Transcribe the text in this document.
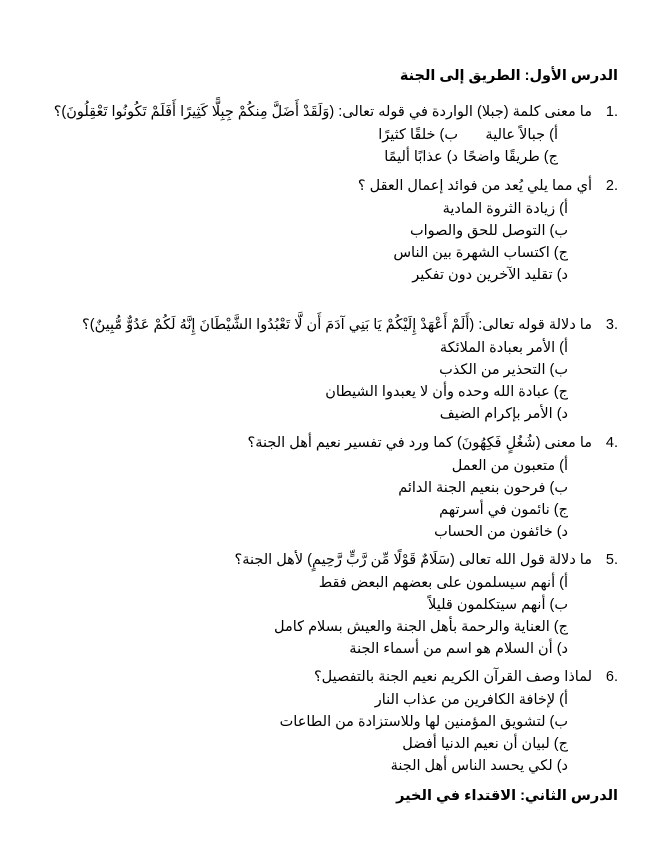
الدرس الأول: الطريق إلى الجنة
.1
ما معنى كلمة (جبلا) الواردة في قوله تعالى: (وَلَقَدْ أَضَلَّ مِنكُمْ جِبِلًّا كَثِيرًا أَفَلَمْ تَكُونُوا تَعْقِلُونَ)؟
أ) جبالاً عالية
ب) خلقًا كثيرًا
ج) طريقًا واضحًا
د) عذابًا أليمًا
.2
أي مما يلي يُعد من فوائد إعمال العقل ؟
أ) زيادة الثروة المادية
ب) التوصل للحق والصواب
ج) اكتساب الشهرة بين الناس
د) تقليد الآخرين دون تفكير
.3
ما دلالة قوله تعالى: (أَلَمْ أَعْهَدْ إِلَيْكُمْ يَا بَنِي آدَمَ أَن لَّا تَعْبُدُوا الشَّيْطَانَ إِنَّهُ لَكُمْ عَدُوٌّ مُّبِينٌ)؟
أ) الأمر بعبادة الملائكة
ب) التحذير من الكذب
ج) عبادة الله وحده وأن لا يعبدوا الشيطان
د) الأمر بإكرام الضيف
.4
ما معنى (شُغُلٍ فَكِهُونَ) كما ورد في تفسير نعيم أهل الجنة؟
أ) متعبون من العمل
ب) فرحون بنعيم الجنة الدائم
ج) نائمون في أسرتهم
د) خائفون من الحساب
.5
ما دلالة قول الله تعالى (سَلَامٌ قَوْلًا مِّن رَّبٍّ رَّحِيمٍ) لأهل الجنة؟
أ) أنهم سيسلمون على بعضهم البعض فقط
ب) أنهم سيتكلمون قليلاً
ج) العناية والرحمة بأهل الجنة والعيش بسلام كامل
د) أن السلام هو اسم من أسماء الجنة
.6
لماذا وصف القرآن الكريم نعيم الجنة بالتفصيل؟
أ) لإخافة الكافرين من عذاب النار
ب) لتشويق المؤمنين لها وللاستزادة من الطاعات
ج) لبيان أن نعيم الدنيا أفضل
د) لكي يحسد الناس أهل الجنة
الدرس الثاني: الاقتداء في الخير
